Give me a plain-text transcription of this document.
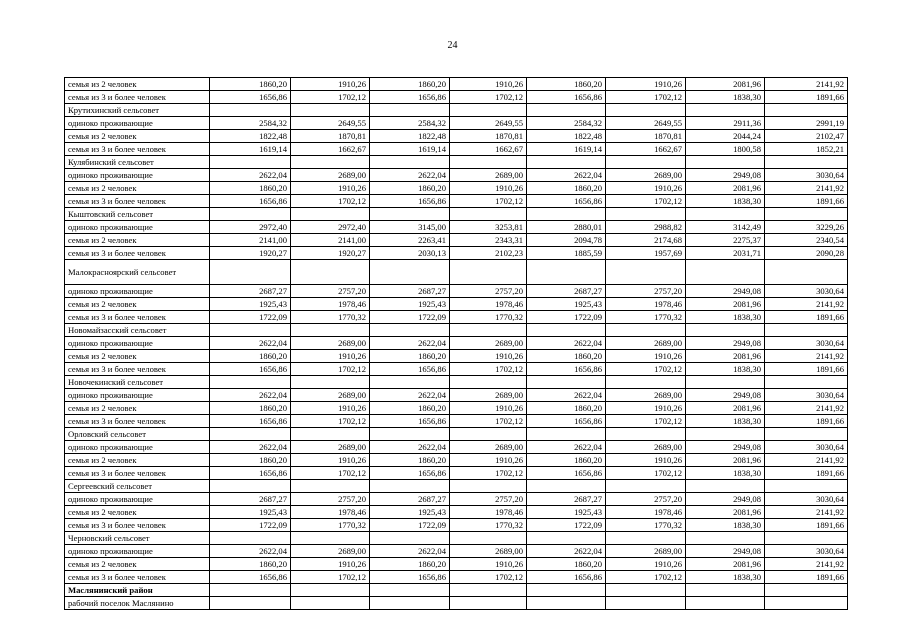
24
семья из 2 человек	1860,20	1910,26	1860,20	1910,26	1860,20	1910,26	2081,96	2141,92
семья из 3 и более человек	1656,86	1702,12	1656,86	1702,12	1656,86	1702,12	1838,30	1891,66
Крутихинский сельсовет								
одиноко проживающие	2584,32	2649,55	2584,32	2649,55	2584,32	2649,55	2911,36	2991,19
семья из 2 человек	1822,48	1870,81	1822,48	1870,81	1822,48	1870,81	2044,24	2102,47
семья из 3 и более человек	1619,14	1662,67	1619,14	1662,67	1619,14	1662,67	1800,58	1852,21
Кулябинский сельсовет								
одиноко проживающие	2622,04	2689,00	2622,04	2689,00	2622,04	2689,00	2949,08	3030,64
семья из 2 человек	1860,20	1910,26	1860,20	1910,26	1860,20	1910,26	2081,96	2141,92
семья из 3 и более человек	1656,86	1702,12	1656,86	1702,12	1656,86	1702,12	1838,30	1891,66
Кыштовский сельсовет								
одиноко проживающие	2972,40	2972,40	3145,00	3253,81	2880,01	2988,82	3142,49	3229,26
семья из 2 человек	2141,00	2141,00	2263,41	2343,31	2094,78	2174,68	2275,37	2340,54
семья из 3 и более человек	1920,27	1920,27	2030,13	2102,23	1885,59	1957,69	2031,71	2090,28
Малокрасноярский сельсовет								
одиноко проживающие	2687,27	2757,20	2687,27	2757,20	2687,27	2757,20	2949,08	3030,64
семья из 2 человек	1925,43	1978,46	1925,43	1978,46	1925,43	1978,46	2081,96	2141,92
семья из 3 и более человек	1722,09	1770,32	1722,09	1770,32	1722,09	1770,32	1838,30	1891,66
Новомайзасский сельсовет								
одиноко проживающие	2622,04	2689,00	2622,04	2689,00	2622,04	2689,00	2949,08	3030,64
семья из 2 человек	1860,20	1910,26	1860,20	1910,26	1860,20	1910,26	2081,96	2141,92
семья из 3 и более человек	1656,86	1702,12	1656,86	1702,12	1656,86	1702,12	1838,30	1891,66
Новочекинский сельсовет								
одиноко проживающие	2622,04	2689,00	2622,04	2689,00	2622,04	2689,00	2949,08	3030,64
семья из 2 человек	1860,20	1910,26	1860,20	1910,26	1860,20	1910,26	2081,96	2141,92
семья из 3 и более человек	1656,86	1702,12	1656,86	1702,12	1656,86	1702,12	1838,30	1891,66
Орловский сельсовет								
одиноко проживающие	2622,04	2689,00	2622,04	2689,00	2622,04	2689,00	2949,08	3030,64
семья из 2 человек	1860,20	1910,26	1860,20	1910,26	1860,20	1910,26	2081,96	2141,92
семья из 3 и более человек	1656,86	1702,12	1656,86	1702,12	1656,86	1702,12	1838,30	1891,66
Сергеевский сельсовет								
одиноко проживающие	2687,27	2757,20	2687,27	2757,20	2687,27	2757,20	2949,08	3030,64
семья из 2 человек	1925,43	1978,46	1925,43	1978,46	1925,43	1978,46	2081,96	2141,92
семья из 3 и более человек	1722,09	1770,32	1722,09	1770,32	1722,09	1770,32	1838,30	1891,66
Черновский сельсовет								
одиноко проживающие	2622,04	2689,00	2622,04	2689,00	2622,04	2689,00	2949,08	3030,64
семья из 2 человек	1860,20	1910,26	1860,20	1910,26	1860,20	1910,26	2081,96	2141,92
семья из 3 и более человек	1656,86	1702,12	1656,86	1702,12	1656,86	1702,12	1838,30	1891,66
Маслянинский район								
рабочий поселок Маслянино								
